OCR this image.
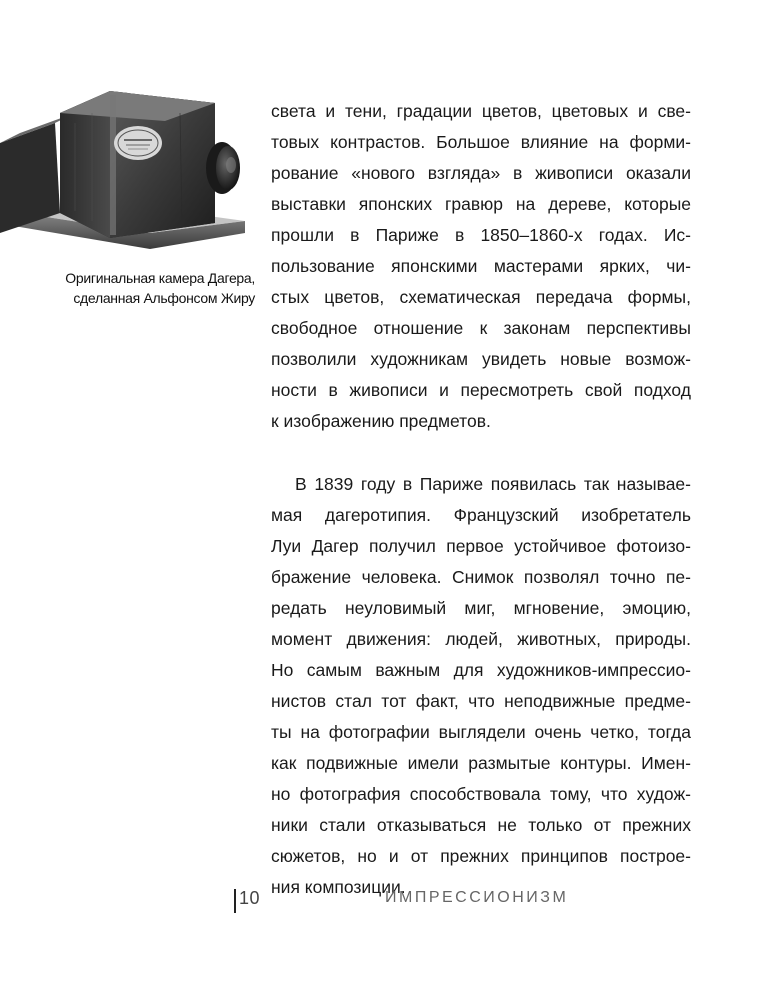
Оригинальная камера Дагера,
сделанная Альфонсом Жиру
света и тени, градации цветов, цветовых и све-
товых контрастов. Большое влияние на форми-
рование «нового взгляда» в живописи оказали
выставки японских гравюр на дереве, которые
прошли в Париже в 1850–1860-х годах. Ис-
пользование японскими мастерами ярких, чи-
стых цветов, схематическая передача формы,
свободное отношение к законам перспективы
позволили художникам увидеть новые возмож-
ности в живописи и пересмотреть свой подход
к изображению предметов.
В 1839 году в Париже появилась так называе-
мая дагеротипия. Французский изобретатель
Луи Дагер получил первое устойчивое фотоизо-
бражение человека. Снимок позволял точно пе-
редать неуловимый миг, мгновение, эмоцию,
момент движения: людей, животных, природы.
Но самым важным для художников-импрессио-
нистов стал тот факт, что неподвижные предме-
ты на фотографии выглядели очень четко, тогда
как подвижные имели размытые контуры. Имен-
но фотография способствовала тому, что худож-
ники стали отказываться не только от прежних
сюжетов, но и от прежних принципов построе-
ния композиции.
10	ИМПРЕССИОНИЗМ
